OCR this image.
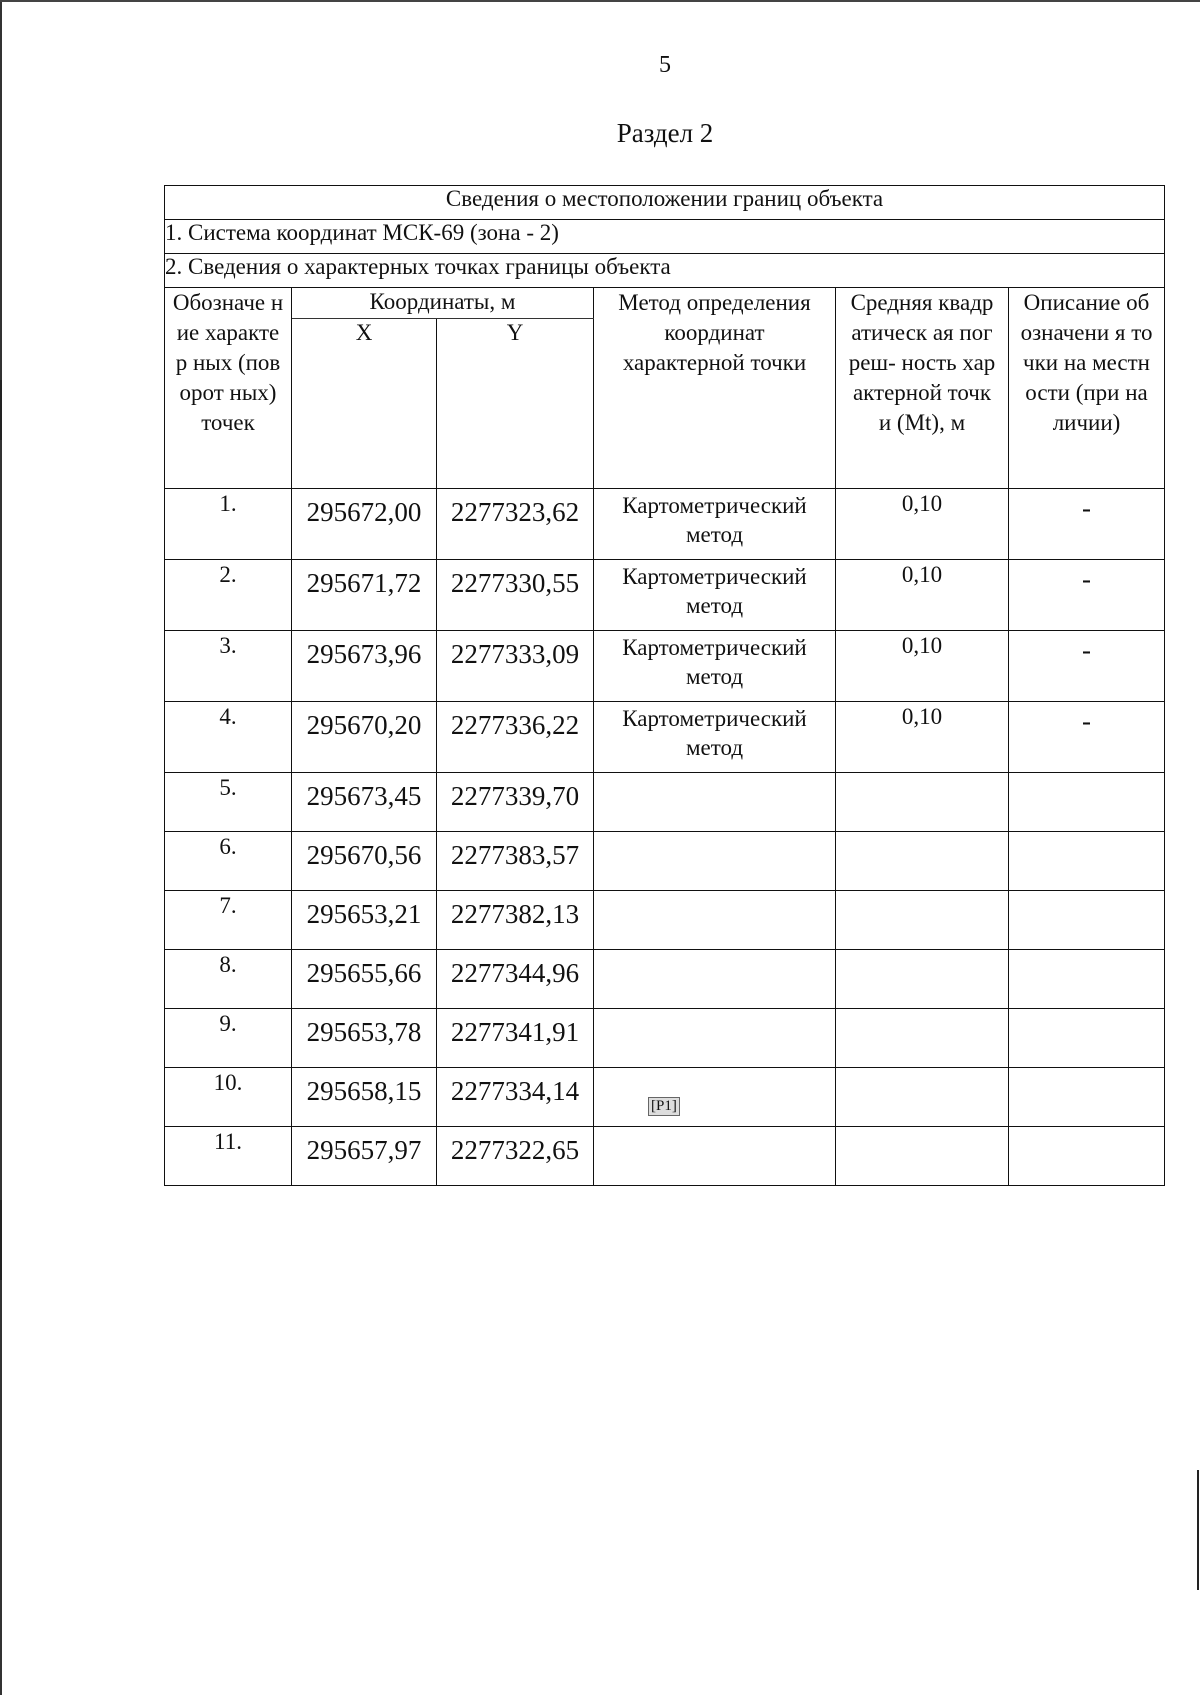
5
Раздел 2
Сведения о местоположении границ объекта					
1. Система координат МСК-69 (зона - 2)					
2. Сведения о характерных точках границы объекта					

Обозначе ние характер ных (поворот ных) точек	Координаты, м		Метод определения координат характерной точки	Средняя квадратическ ая погреш- ность характерной точки (Mt), м	Описание обозначени я точки на местности (при наличии)

	X	Y			
1.	295672,00	2277323,62	Картометрический метод	0,10	-
2.	295671,72	2277330,55	Картометрический метод	0,10	-
3.	295673,96	2277333,09	Картометрический метод	0,10	-
4.	295670,20	2277336,22	Картометрический метод	0,10	-
5.	295673,45	2277339,70			
6.	295670,56	2277383,57			
7.	295653,21	2277382,13			
8.	295655,66	2277344,96			
9.	295653,78	2277341,91			
10.	295658,15	2277334,14			
11.	295657,97	2277322,65			
[P1]
